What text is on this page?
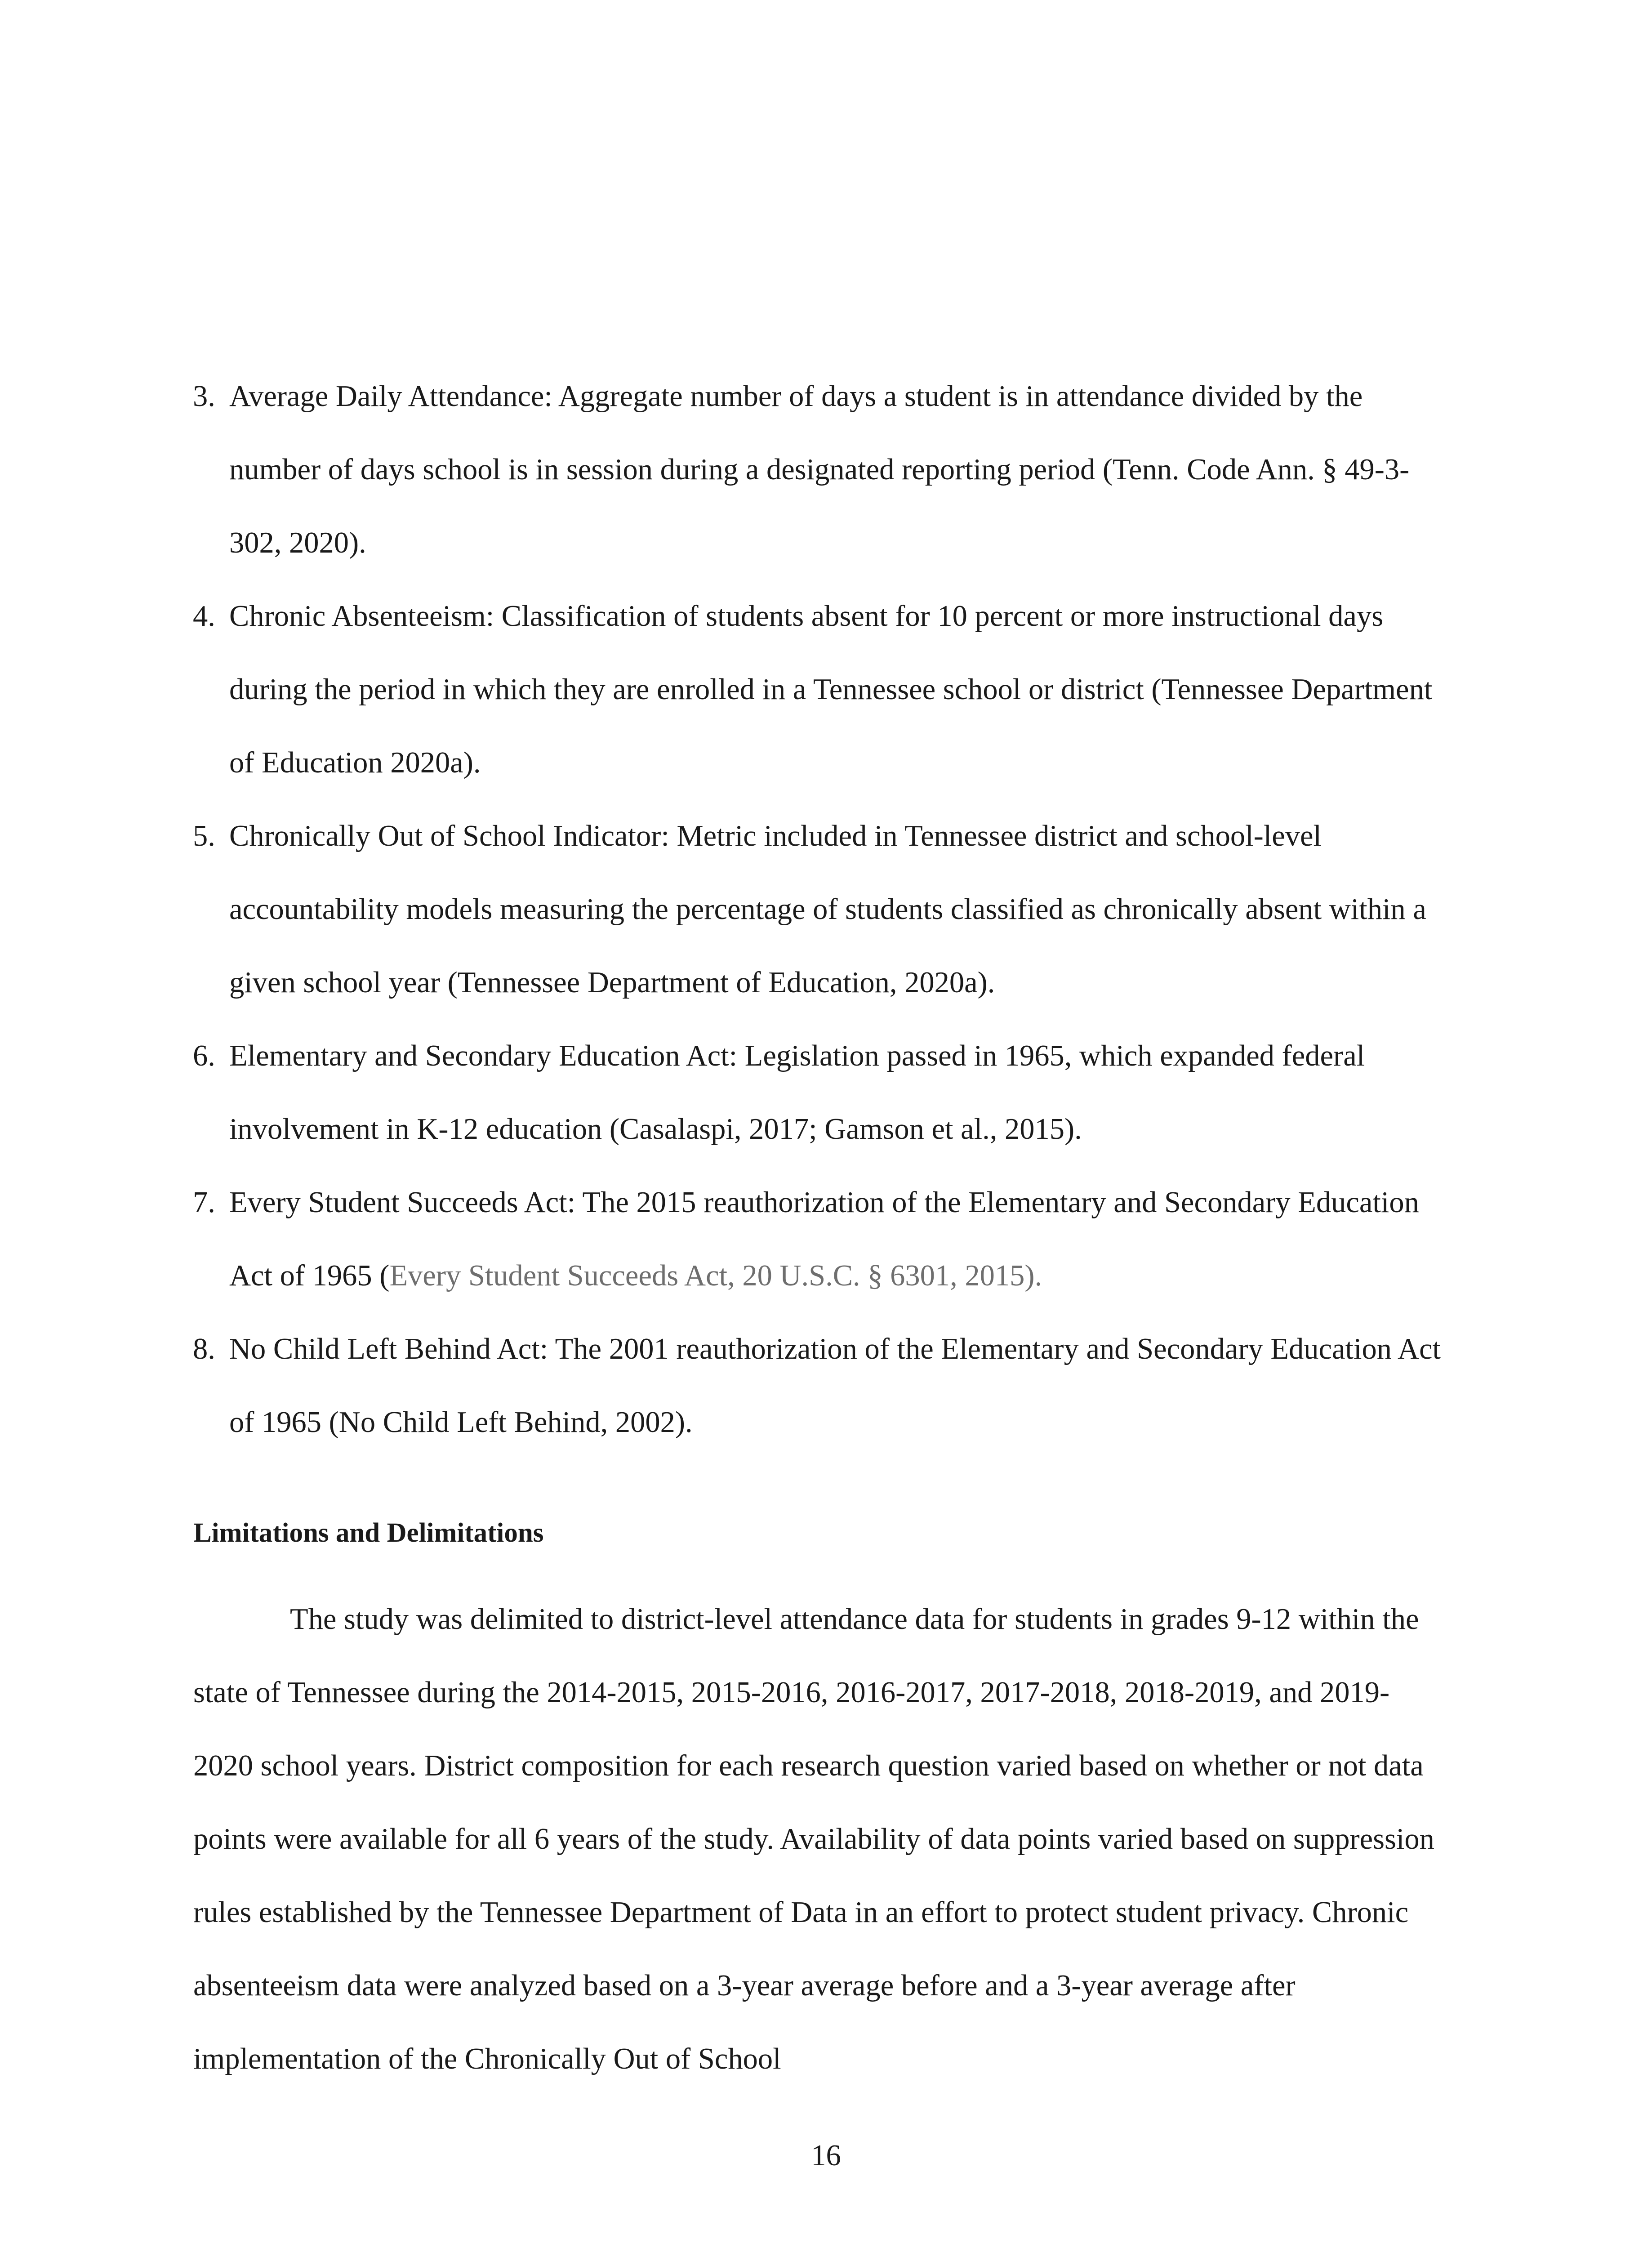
3. Average Daily Attendance: Aggregate number of days a student is in attendance divided by the number of days school is in session during a designated reporting period (Tenn. Code Ann. § 49-3-302, 2020).
4. Chronic Absenteeism: Classification of students absent for 10 percent or more instructional days during the period in which they are enrolled in a Tennessee school or district (Tennessee Department of Education 2020a).
5. Chronically Out of School Indicator: Metric included in Tennessee district and school-level accountability models measuring the percentage of students classified as chronically absent within a given school year (Tennessee Department of Education, 2020a).
6. Elementary and Secondary Education Act: Legislation passed in 1965, which expanded federal involvement in K-12 education (Casalaspi, 2017; Gamson et al., 2015).
7. Every Student Succeeds Act: The 2015 reauthorization of the Elementary and Secondary Education Act of 1965 (Every Student Succeeds Act, 20 U.S.C. § 6301, 2015).
8. No Child Left Behind Act: The 2001 reauthorization of the Elementary and Secondary Education Act of 1965 (No Child Left Behind, 2002).
Limitations and Delimitations

The study was delimited to district-level attendance data for students in grades 9-12 within the state of Tennessee during the 2014-2015, 2015-2016, 2016-2017, 2017-2018, 2018-2019, and 2019-2020 school years. District composition for each research question varied based on whether or not data points were available for all 6 years of the study. Availability of data points varied based on suppression rules established by the Tennessee Department of Data in an effort to protect student privacy. Chronic absenteeism data were analyzed based on a 3-year average before and a 3-year average after implementation of the Chronically Out of School

16
